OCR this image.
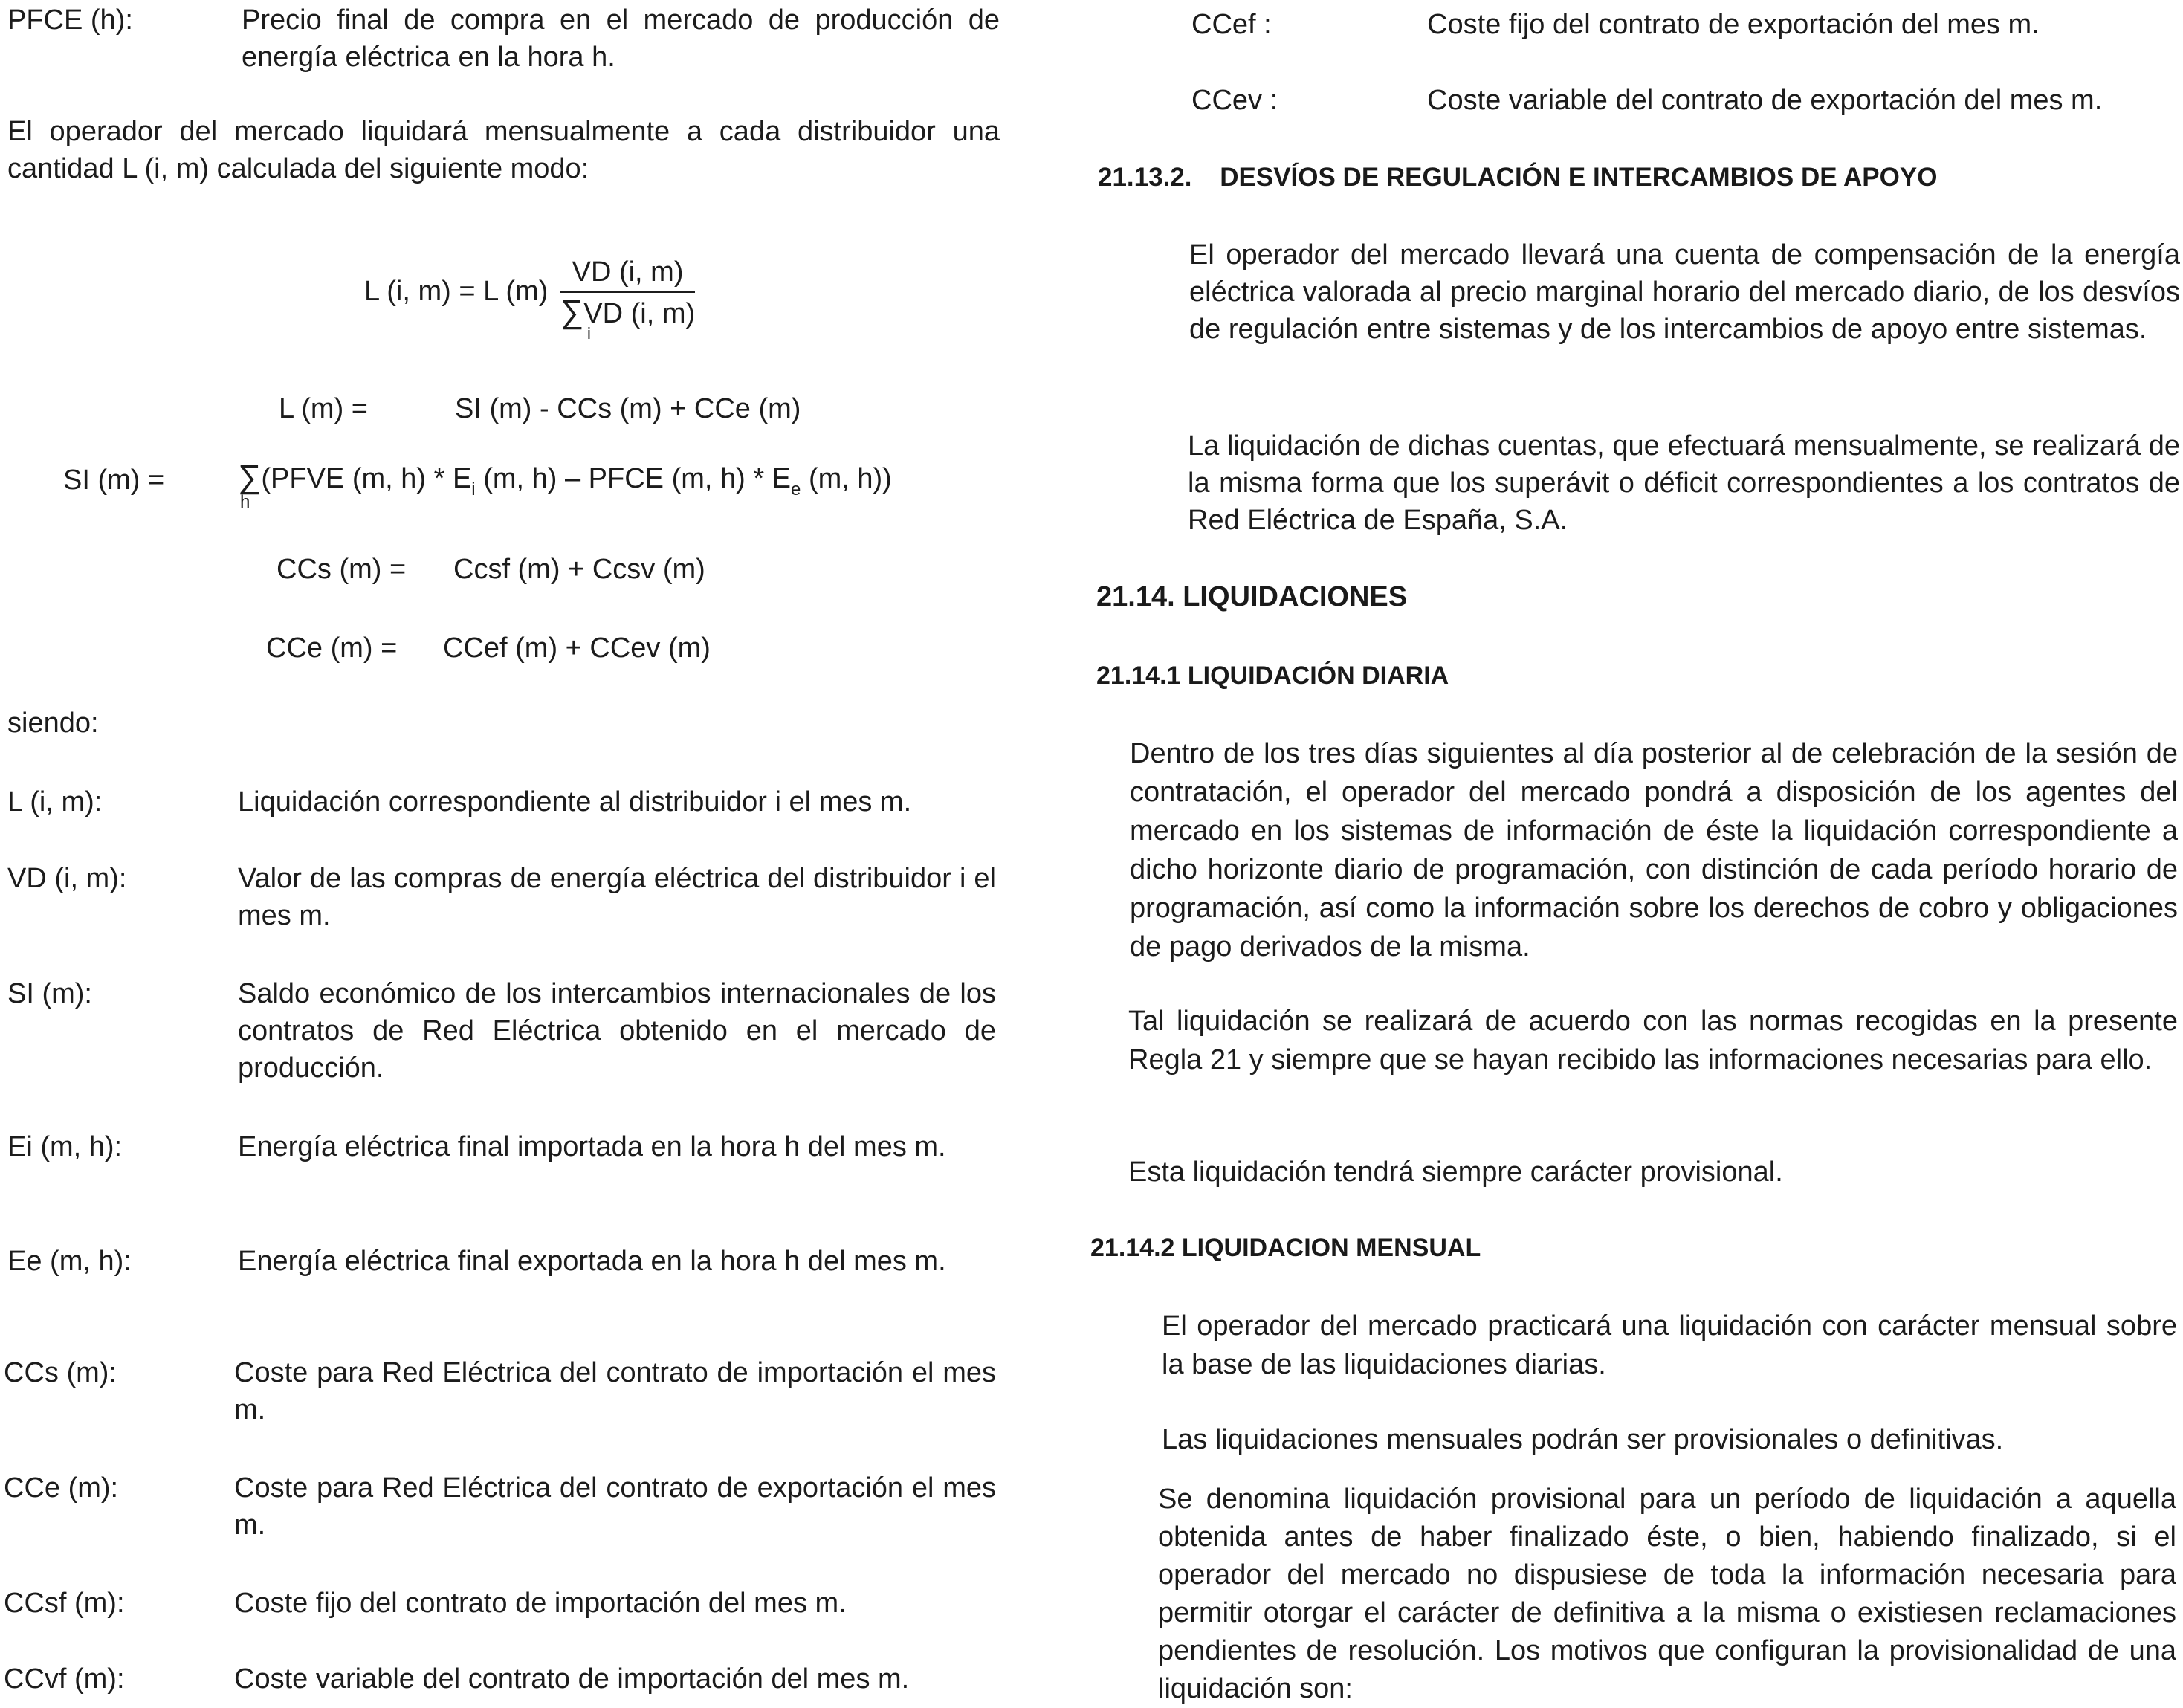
PFCE (h):	Precio final de compra en el mercado de producción de energía eléctrica en la hora h.
El operador del mercado liquidará mensualmente a cada distribuidor una cantidad L (i, m) calculada del siguiente modo:
L (i, m) = L $(m) \frac{VD (i, m)}{\sum VD (i, m)}$
i
L (m) =	SI (m) - CCs (m) + CCe (m)
SI (m) = ∑(PFVE (m, $h) * E_i$ (m, h) – PFCE (m, $h) * E_e$ (m, h))
h
CCs (m) = Ccsf (m) + Ccsv (m)
CCe (m) = CCef (m) + CCev (m)
siendo:
L (i, m):	Liquidación correspondiente al distribuidor i el mes m.
VD (i, m):	Valor de las compras de energía eléctrica del distribuidor i el mes m.
SI (m):	Saldo económico de los intercambios internacionales de los contratos de Red Eléctrica obtenido en el mercado de producción.
Ei (m, h):	Energía eléctrica final importada en la hora h del mes m.
Ee (m, h):	Energía eléctrica final exportada en la hora h del mes m.
CCs (m):	Coste para Red Eléctrica del contrato de importación el mes m.
CCe (m):	Coste para Red Eléctrica del contrato de exportación el mes m.
CCsf (m):	Coste fijo del contrato de importación del mes m.
CCvf (m):	Coste variable del contrato de importación del mes m.
CCef :	Coste fijo del contrato de exportación del mes m.
CCev :	Coste variable del contrato de exportación del mes m.
21.13.2. DESVÍOS DE REGULACIÓN E INTERCAMBIOS DE APOYO
El operador del mercado llevará una cuenta de compensación de la energía eléctrica valorada al precio marginal horario del mercado diario, de los desvíos de regulación entre sistemas y de los intercambios de apoyo entre sistemas.
La liquidación de dichas cuentas, que efectuará mensualmente, se realizará de la misma forma que los superávit o déficit correspondientes a los contratos de Red Eléctrica de España, S.A.
21.14. LIQUIDACIONES
21.14.1 LIQUIDACIÓN DIARIA
Dentro de los tres días siguientes al día posterior al de celebración de la sesión de contratación, el operador del mercado pondrá a disposición de los agentes del mercado en los sistemas de información de éste la liquidación correspondiente a dicho horizonte diario de programación, con distinción de cada período horario de programación, así como la información sobre los derechos de cobro y obligaciones de pago derivados de la misma.
Tal liquidación se realizará de acuerdo con las normas recogidas en la presente Regla 21 y siempre que se hayan recibido las informaciones necesarias para ello.
Esta liquidación tendrá siempre carácter provisional.
21.14.2 LIQUIDACION MENSUAL
El operador del mercado practicará una liquidación con carácter mensual sobre la base de las liquidaciones diarias.
Las liquidaciones mensuales podrán ser provisionales o definitivas.
Se denomina liquidación provisional para un período de liquidación a aquella obtenida antes de haber finalizado éste, o bien, habiendo finalizado, si el operador del mercado no dispusiese de toda la información necesaria para permitir otorgar el carácter de definitiva a la misma o existiesen reclamaciones pendientes de resolución. Los motivos que configuran la provisionalidad de una liquidación son:
